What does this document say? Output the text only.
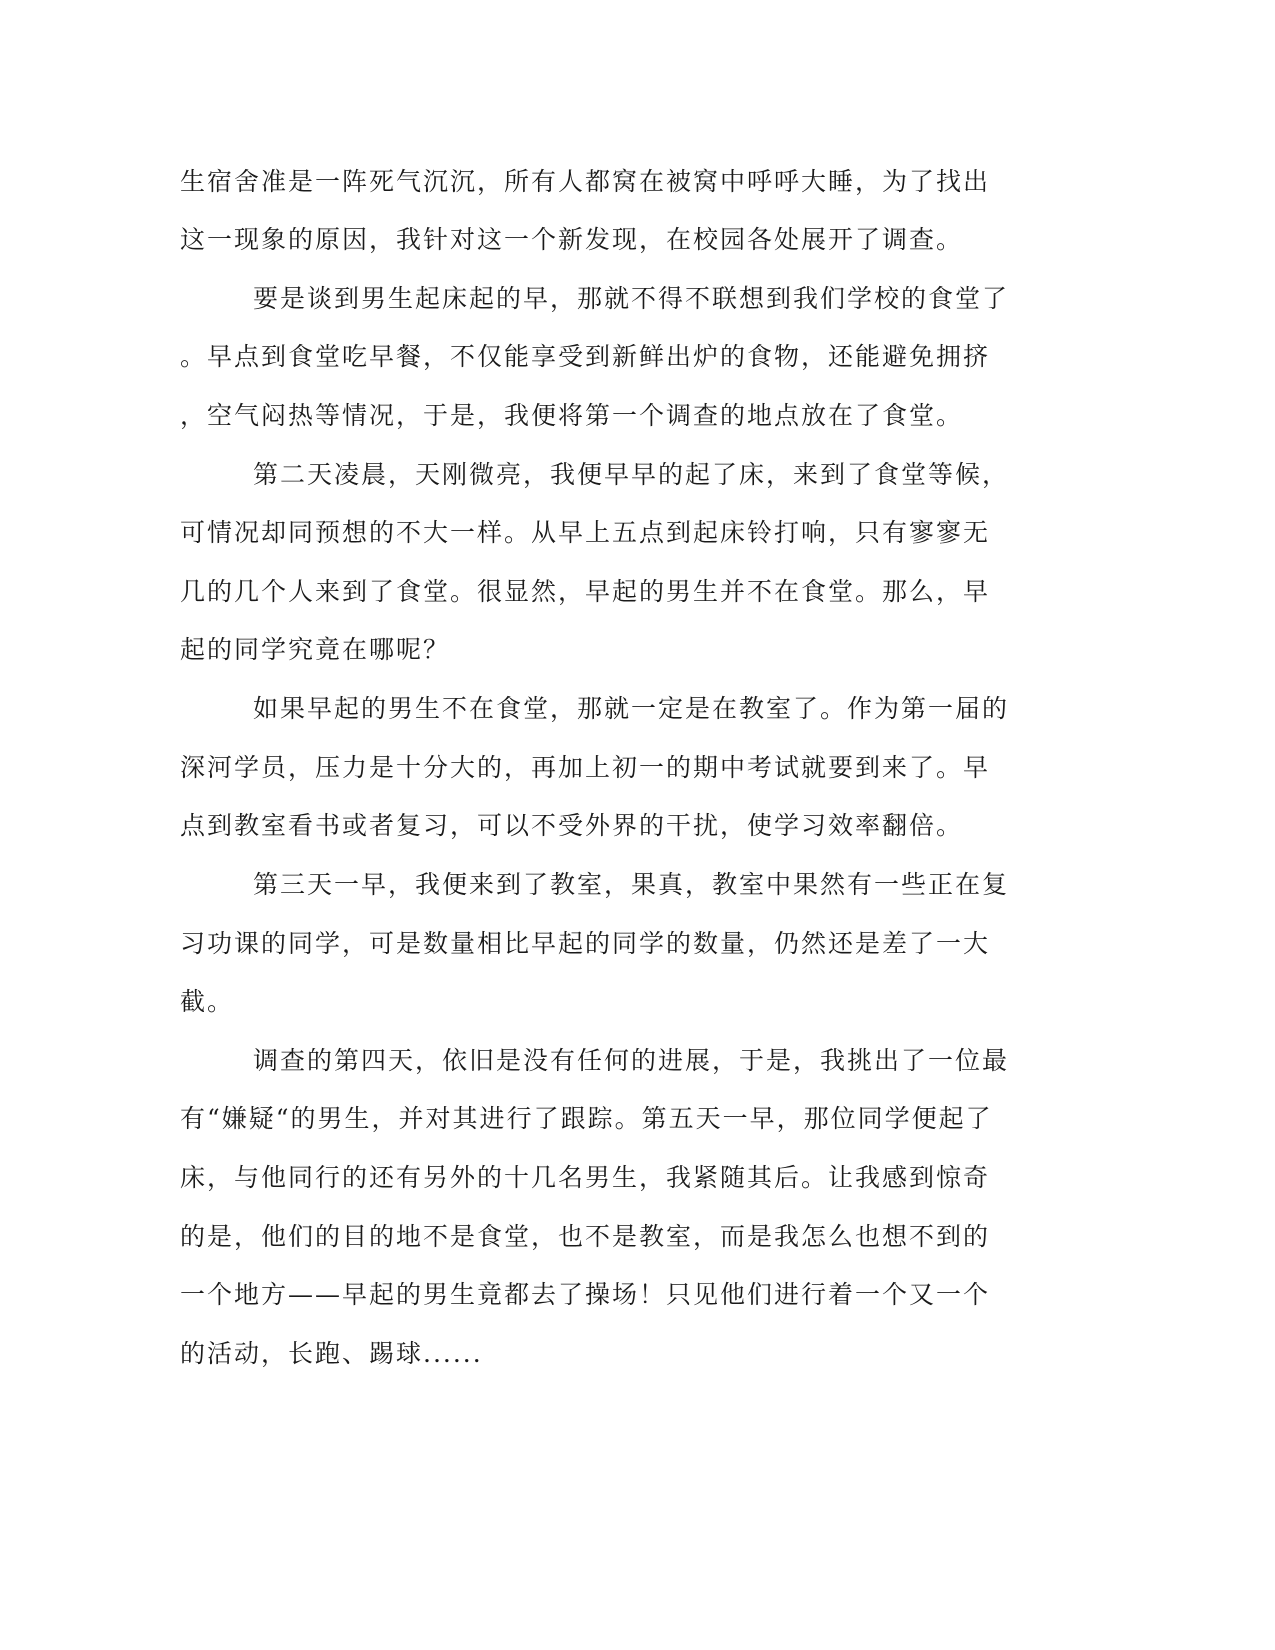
生宿舍准是一阵死气沉沉，所有人都窝在被窝中呼呼大睡，为了找出
这一现象的原因，我针对这一个新发现，在校园各处展开了调查。
要是谈到男生起床起的早，那就不得不联想到我们学校的食堂了
。早点到食堂吃早餐，不仅能享受到新鲜出炉的食物，还能避免拥挤
，空气闷热等情况，于是，我便将第一个调查的地点放在了食堂。
第二天凌晨，天刚微亮，我便早早的起了床，来到了食堂等候，
可情况却同预想的不大一样。从早上五点到起床铃打响，只有寥寥无
几的几个人来到了食堂。很显然，早起的男生并不在食堂。那么，早
起的同学究竟在哪呢？
如果早起的男生不在食堂，那就一定是在教室了。作为第一届的
深河学员，压力是十分大的，再加上初一的期中考试就要到来了。早
点到教室看书或者复习，可以不受外界的干扰，使学习效率翻倍。
第三天一早，我便来到了教室，果真，教室中果然有一些正在复
习功课的同学，可是数量相比早起的同学的数量，仍然还是差了一大
截。
调查的第四天，依旧是没有任何的进展，于是，我挑出了一位最
有“嫌疑“的男生，并对其进行了跟踪。第五天一早，那位同学便起了
床，与他同行的还有另外的十几名男生，我紧随其后。让我感到惊奇
的是，他们的目的地不是食堂，也不是教室，而是我怎么也想不到的
一个地方——早起的男生竟都去了操场！只见他们进行着一个又一个
的活动，长跑、踢球......
